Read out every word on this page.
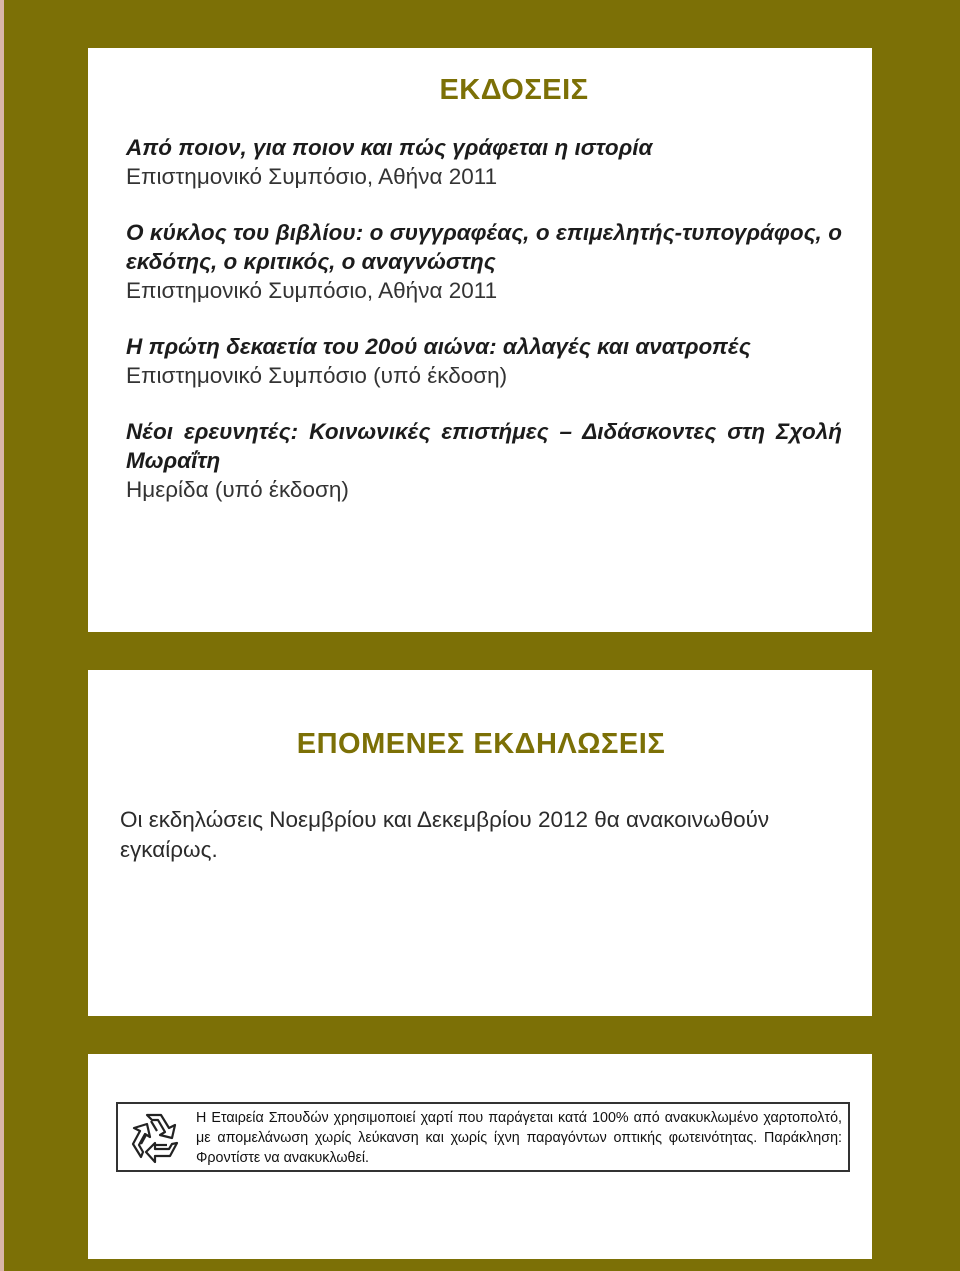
ΕΚΔΟΣΕΙΣ
Από ποιον, για ποιον και πώς γράφεται η ιστορία
Επιστημονικό Συμπόσιο, Αθήνα 2011
Ο κύκλος του βιβλίου: ο συγγραφέας, ο επιμελητής-τυπογράφος, ο εκδότης, ο κριτικός, ο αναγνώστης
Επιστημονικό Συμπόσιο, Αθήνα 2011
Η πρώτη δεκαετία του 20ού αιώνα: αλλαγές και ανατροπές
Επιστημονικό Συμπόσιο (υπό έκδοση)
Νέοι ερευνητές: Κοινωνικές επιστήμες – Διδάσκοντες στη Σχολή Μωραΐτη
Ημερίδα (υπό έκδοση)
ΕΠΟΜΕΝΕΣ ΕΚΔΗΛΩΣΕΙΣ
Οι εκδηλώσεις Νοεμβρίου και Δεκεμβρίου 2012 θα ανακοινωθούν εγκαίρως.
Η Εταιρεία Σπουδών χρησιμοποιεί χαρτί που παράγεται κατά 100% από ανακυκλωμένο χαρτοπολτό, με απομελάνωση χωρίς λεύκανση και χωρίς ίχνη παραγόντων οπτικής φωτεινότητας. Παράκληση: Φροντίστε να ανακυκλωθεί.
